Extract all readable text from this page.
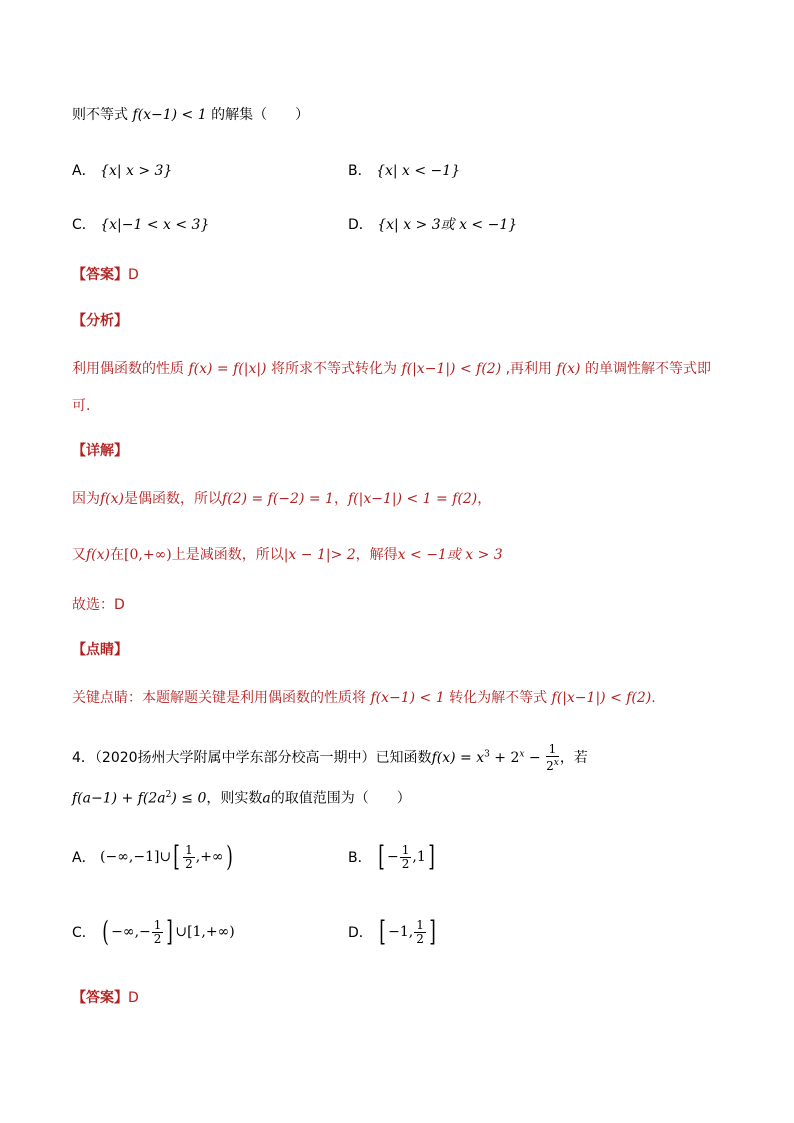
则不等式 f(x−1) < 1 的解集（　　）
A． {x| x > 3}	B． {x| x < −1}
C． {x|−1 < x < 3}	D． {x| x > 3或 x < −1}
【答案】D
【分析】
利用偶函数的性质 f(x) = f(|x|) 将所求不等式转化为 f(|x−1|) < f(2) ,再利用 f(x) 的单调性解不等式即
可.
【详解】
因为f(x)是偶函数，所以f(2) = f(−2) = 1，f(|x−1|) < 1 = f(2)，
又f(x)在[0,+∞)上是减函数，所以|x − 1|> 2，解得x < −1或 x > 3
故选：D
【点睛】
关键点睛：本题解题关键是利用偶函数的性质将 f(x−1) < 1 转化为解不等式 f(|x−1|) < f(2).
4．（2020扬州大学附属中学东部分校高一期中）已知函数$f(x) = x^3 + 2^x - \frac{1}{2^x}$ ，若
$f(a-1) + f(2a^2) \le 0$，则实数a的取值范围为（　　）
A． (−∞,−1]∪[ $\frac{1}{2}$ ,+∞)	B． [ − $\frac{1}{2} ,1$]
C． ( −∞,− $\frac{1}{2}$ ] ∪[1,+∞)	D． [ −1, $\frac{1}{2}$ ]
【答案】D
